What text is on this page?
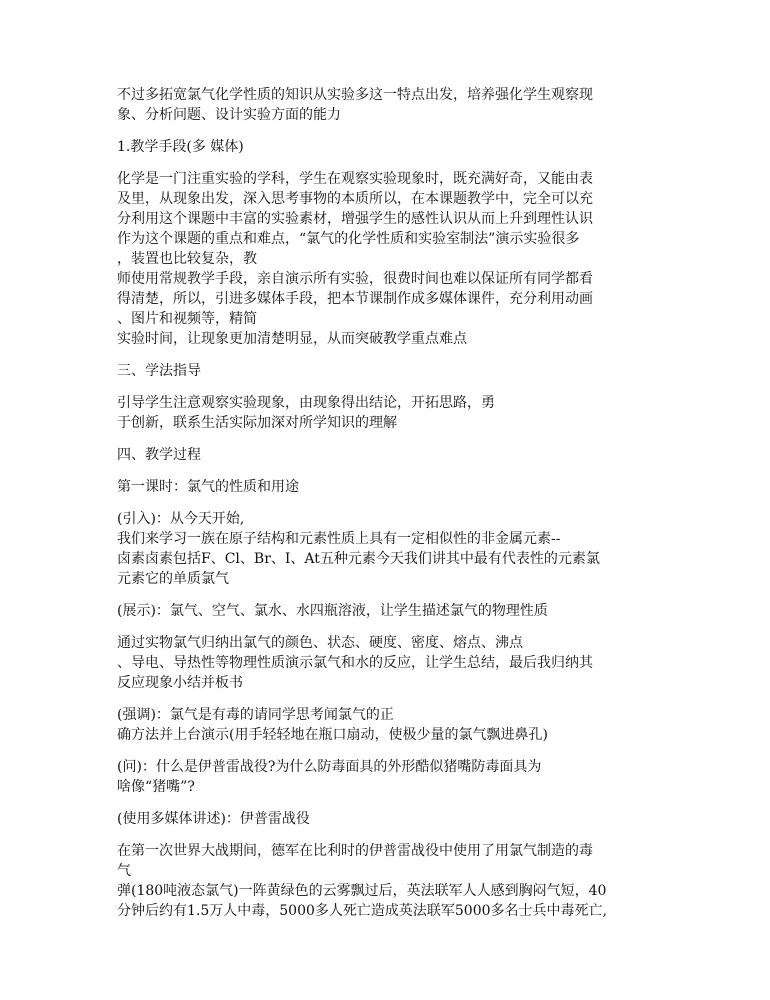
不过多拓宽氯气化学性质的知识从实验多这一特点出发，培养强化学生观察现
象、分析问题、设计实验方面的能力
1.教学手段(多 媒体)
化学是一门注重实验的学科，学生在观察实验现象时，既充满好奇，又能由表
及里，从现象出发，深入思考事物的本质所以，在本课题教学中，完全可以充
分利用这个课题中丰富的实验素材，增强学生的感性认识从而上升到理性认识
作为这个课题的重点和难点，“氯气的化学性质和实验室制法”演示实验很多
，装置也比较复杂，教
师使用常规教学手段，亲自演示所有实验，很费时间也难以保证所有同学都看
得清楚，所以，引进多媒体手段，把本节课制作成多媒体课件，充分利用动画
、图片和视频等，精简
实验时间，让现象更加清楚明显，从而突破教学重点难点
三、学法指导
引导学生注意观察实验现象，由现象得出结论，开拓思路，勇
于创新，联系生活实际加深对所学知识的理解
四、教学过程
第一课时：氯气的性质和用途
(引入)：从今天开始,
我们来学习一族在原子结构和元素性质上具有一定相似性的非金属元素--
卤素卤素包括F、Cl、Br、I、At五种元素今天我们讲其中最有代表性的元素氯
元素它的单质氯气
(展示)：氯气、空气、氯水、水四瓶溶液，让学生描述氯气的物理性质
通过实物氯气归纳出氯气的颜色、状态、硬度、密度、熔点、沸点
、导电、导热性等物理性质演示氯气和水的反应，让学生总结，最后我归纳其
反应现象小结并板书
(强调)：氯气是有毒的请同学思考闻氯气的正
确方法并上台演示(用手轻轻地在瓶口扇动，使极少量的氯气飘进鼻孔)
(问)：什么是伊普雷战役?为什么防毒面具的外形酷似猪嘴防毒面具为
啥像“猪嘴”?
(使用多媒体讲述)：伊普雷战役
在第一次世界大战期间，德军在比利时的伊普雷战役中使用了用氯气制造的毒
气
弹(180吨液态氯气)一阵黄绿色的云雾飘过后，英法联军人人感到胸闷气短，40
分钟后约有1.5万人中毒，5000多人死亡造成英法联军5000多名士兵中毒死亡,
